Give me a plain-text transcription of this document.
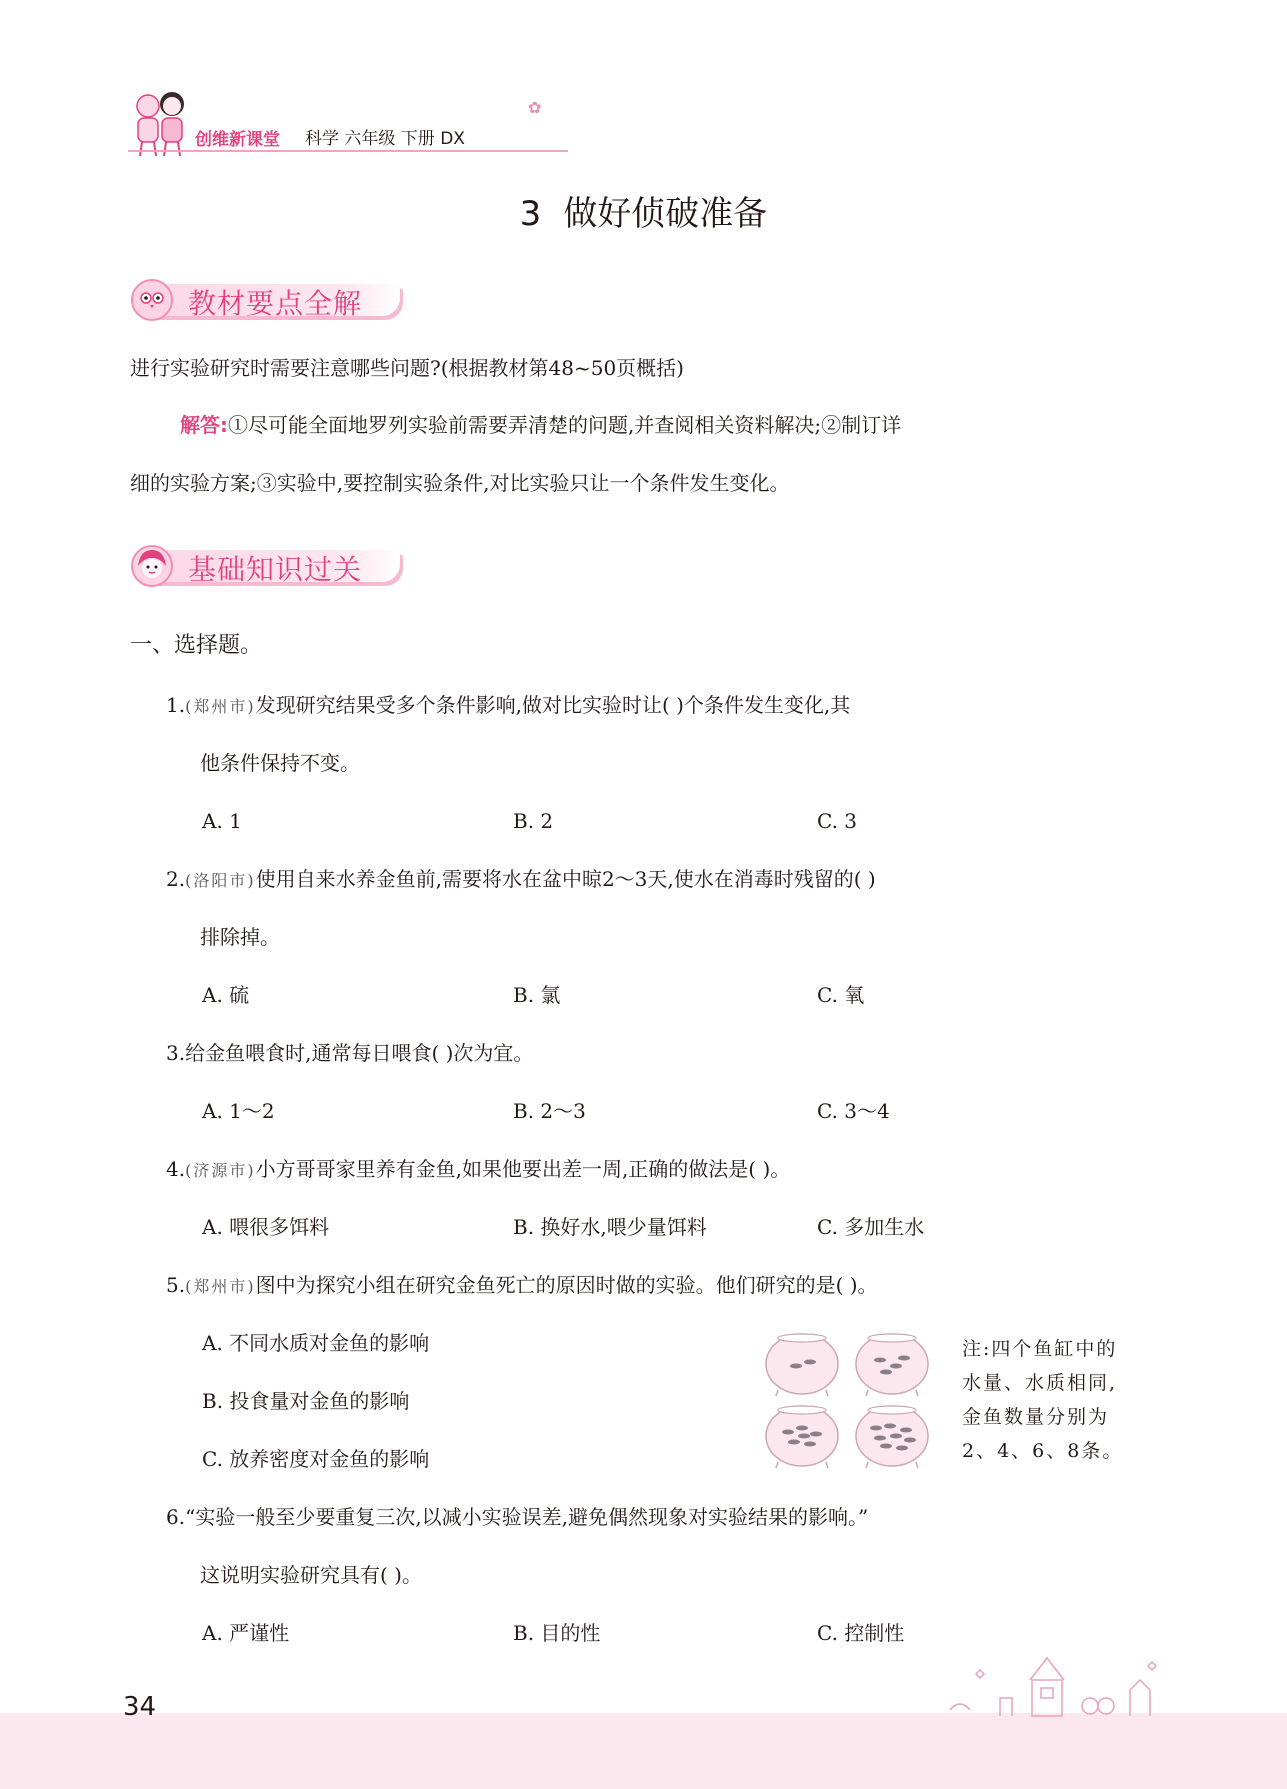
创维新课堂 科学 六年级 下册 DX
✿
3 做好侦破准备
教材要点全解
进行实验研究时需要注意哪些问题?(根据教材第48~50页概括)
解答:①尽可能全面地罗列实验前需要弄清楚的问题,并查阅相关资料解决;②制订详
细的实验方案;③实验中,要控制实验条件,对比实验只让一个条件发生变化。
基础知识过关
一、选择题。
1.(郑州市)发现研究结果受多个条件影响,做对比实验时让( )个条件发生变化,其
他条件保持不变。
A. 1	B. 2	C. 3
2.(洛阳市)使用自来水养金鱼前,需要将水在盆中晾2～3天,使水在消毒时残留的( )
排除掉。
A. 硫	B. 氯	C. 氧
3.给金鱼喂食时,通常每日喂食( )次为宜。
A. 1～2	B. 2～3	C. 3～4
4.(济源市)小方哥哥家里养有金鱼,如果他要出差一周,正确的做法是( )。
A. 喂很多饵料	B. 换好水,喂少量饵料	C. 多加生水
5.(郑州市)图中为探究小组在研究金鱼死亡的原因时做的实验。他们研究的是( )。
A. 不同水质对金鱼的影响
B. 投食量对金鱼的影响
C. 放养密度对金鱼的影响
注:四个鱼缸中的水量、水质相同,金鱼数量分别为2、4、6、8条。
6.“实验一般至少要重复三次,以减小实验误差,避免偶然现象对实验结果的影响。”
这说明实验研究具有( )。
A. 严谨性	B. 目的性	C. 控制性
34
